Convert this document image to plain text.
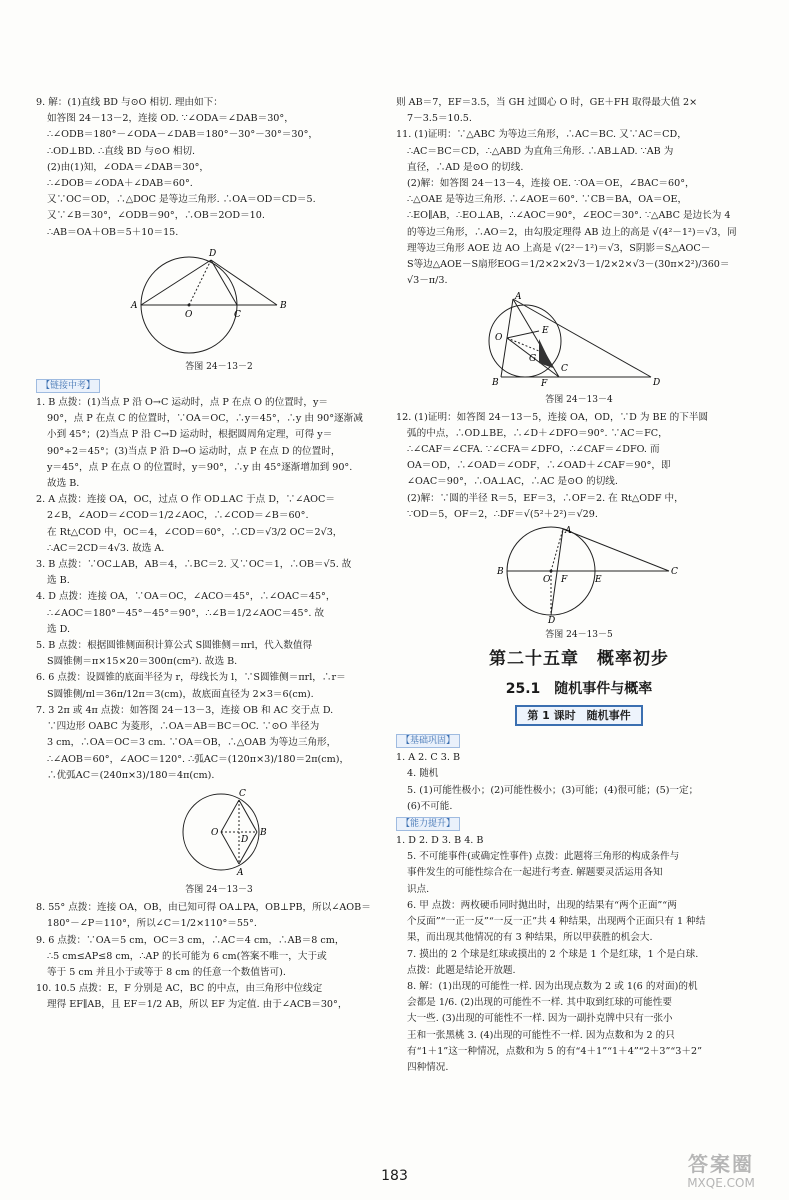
9. 解：(1)直线 BD 与⊙O 相切. 理由如下：
如答图 24－13－2，连接 OD. ∵∠ODA＝∠DAB＝30°，
∴∠ODB＝180°－∠ODA－∠DAB＝180°－30°－30°＝30°，
∴OD⊥BD. ∴直线 BD 与⊙O 相切.
(2)由(1)知，∠ODA＝∠DAB＝30°，
∴∠DOB＝∠ODA＋∠DAB＝60°.
又∵OC＝OD，∴△DOC 是等边三角形. ∴OA＝OD＝CD＝5.
又∵∠B＝30°，∠ODB＝90°，∴OB＝2OD＝10.
∴AB＝OA＋OB＝5＋10＝15.
D
A
O	C
B
答图 24－13－2
【链接中考】
1. B 点拨：(1)当点 P 沿 O→C 运动时，点 P 在点 O 的位置时，y＝
90°，点 P 在点 C 的位置时，∵OA＝OC，∴y＝45°，∴y 由 90°逐渐减
小到 45°；(2)当点 P 沿 C→D 运动时，根据圆周角定理，可得 y＝
90°÷2＝45°；(3)当点 P 沿 D→O 运动时，点 P 在点 D 的位置时，
y＝45°，点 P 在点 O 的位置时，y＝90°，∴y 由 45°逐渐增加到 90°.
故选 B.
2. A 点拨：连接 OA，OC，过点 O 作 OD⊥AC 于点 D，∵∠AOC＝
2∠B，∠AOD＝∠COD＝1/2∠AOC，∴∠COD＝∠B＝60°.
在 Rt△COD 中，OC＝4，∠COD＝60°，∴CD＝√3/2 OC＝2√3，
∴AC＝2CD＝4√3. 故选 A.
3. B 点拨：∵OC⊥AB，AB＝4，∴BC＝2. 又∵OC＝1，∴OB＝√5. 故
选 B.
4. D 点拨：连接 OA，∵OA＝OC，∠ACO＝45°，∴∠OAC＝45°，
∴∠AOC＝180°－45°－45°＝90°，∴∠B＝1/2∠AOC＝45°. 故
选 D.
5. B 点拨：根据圆锥侧面积计算公式 S圆锥侧＝πrl，代入数值得
S圆锥侧＝π×15×20＝300π(cm²). 故选 B.
6. 6 点拨：设圆锥的底面半径为 r，母线长为 l，∵S圆锥侧＝πrl，∴r＝
S圆锥侧/πl＝36π/12π＝3(cm)，故底面直径为 2×3＝6(cm).
7. 3 2π 或 4π 点拨：如答图 24－13－3，连接 OB 和 AC 交于点 D.
∵四边形 OABC 为菱形，∴OA＝AB＝BC＝OC. ∵⊙O 半径为
3 cm，∴OA＝OC＝3 cm. ∵OA＝OB，∴△OAB 为等边三角形，
∴∠AOB＝60°，∠AOC＝120°. ∴弧AC＝(120π×3)/180＝2π(cm)，
∴优弧AC＝(240π×3)/180＝4π(cm).
C
O
D
B
A
答图 24－13－3
8. 55° 点拨：连接 OA，OB，由已知可得 OA⊥PA，OB⊥PB，所以∠AOB＝
180°－∠P＝110°，所以∠C＝1/2×110°＝55°.
9. 6 点拨：∵OA＝5 cm，OC＝3 cm，∴AC＝4 cm，∴AB＝8 cm，
∴5 cm≤AP≤8 cm，∴AP 的长可能为 6 cm(答案不唯一，大于或
等于 5 cm 并且小于或等于 8 cm 的任意一个数值皆可).
10. 10.5 点拨：E，F 分别是 AC，BC 的中点，由三角形中位线定
理得 EF∥AB，且 EF＝1/2 AB，所以 EF 为定值. 由于∠ACB＝30°，
则 AB＝7，EF＝3.5，当 GH 过圆心 O 时，GE＋FH 取得最大值 2×
7－3.5＝10.5.
11. (1)证明：∵△ABC 为等边三角形，∴AC＝BC. 又∵AC＝CD，
∴AC＝BC＝CD，∴△ABD 为直角三角形. ∴AB⊥AD. ∵AB 为
直径，∴AD 是⊙O 的切线.
(2)解：如答图 24－13－4，连接 OE. ∵OA＝OE，∠BAC＝60°，
∴△OAE 是等边三角形. ∴∠AOE＝60°. ∵CB＝BA，OA＝OE，
∴EO∥AB，∴EO⊥AB，∴∠AOC＝90°，∠EOC＝30°. ∵△ABC 是边长为 4
的等边三角形，∴AO＝2，由勾股定理得 AB 边上的高是 √(4²－1²)＝√3，同
理等边三角形 AOE 边 AO 上高是 √(2²－1²)＝√3，S阴影＝S△AOC－
S等边△AOE－S扇形EOG＝1/2×2×2√3－1/2×2×√3－(30π×2²)/360＝
√3－π/3.
A
O
E
G
C
B	F	D
答图 24－13－4
12. (1)证明：如答图 24－13－5，连接 OA，OD，∵D 为 BE 的下半圆
弧的中点，∴OD⊥BE，∴∠D＋∠DFO＝90°. ∵AC＝FC，
∴∠CAF＝∠CFA. ∵∠CFA＝∠DFO，∴∠CAF＝∠DFO. 而
OA＝OD，∴∠OAD＝∠ODF，∴∠OAD＋∠CAF＝90°，即
∠OAC＝90°，∴OA⊥AC，∴AC 是⊙O 的切线.
(2)解：∵圆的半径 R＝5，EF＝3，∴OF＝2. 在 Rt△ODF 中，
∵OD＝5，OF＝2，∴DF＝√(5²＋2²)＝√29.
A
B
O F	E
C
D
答图 24－13－5
第二十五章　概率初步
25.1　随机事件与概率
第 1 课时　随机事件
【基础巩固】
1. A 2. C 3. B
4. 随机
5. (1)可能性极小；(2)可能性极小；(3)可能；(4)很可能；(5)一定；
(6)不可能.
【能力提升】
1. D 2. D 3. B 4. B
5. 不可能事件(或确定性事件) 点拨：此题将三角形的构成条件与
事件发生的可能性综合在一起进行考查. 解题要灵活运用各知
识点.
6. 甲 点拨：两枚硬币同时抛出时，出现的结果有“两个正面”“两
个反面”“一正一反”“一反一正”共 4 种结果，出现两个正面只有 1 种结
果，而出现其他情况的有 3 种结果，所以甲获胜的机会大.
7. 摸出的 2 个球是红球或摸出的 2 个球是 1 个是红球，1 个是白球.
点拨：此题是结论开放题.
8. 解：(1)出现的可能性一样. 因为出现点数为 2 或 1(6 的对面)的机
会都是 1/6. (2)出现的可能性不一样. 其中取到红球的可能性要
大一些. (3)出现的可能性不一样. 因为一副扑克牌中只有一张小
王和一张黑桃 3. (4)出现的可能性不一样. 因为点数和为 2 的只
有“1＋1”这一种情况，点数和为 5 的有“4＋1”“1＋4”“2＋3”“3＋2”
四种情况.
183	答案圈
MXQE.COM
